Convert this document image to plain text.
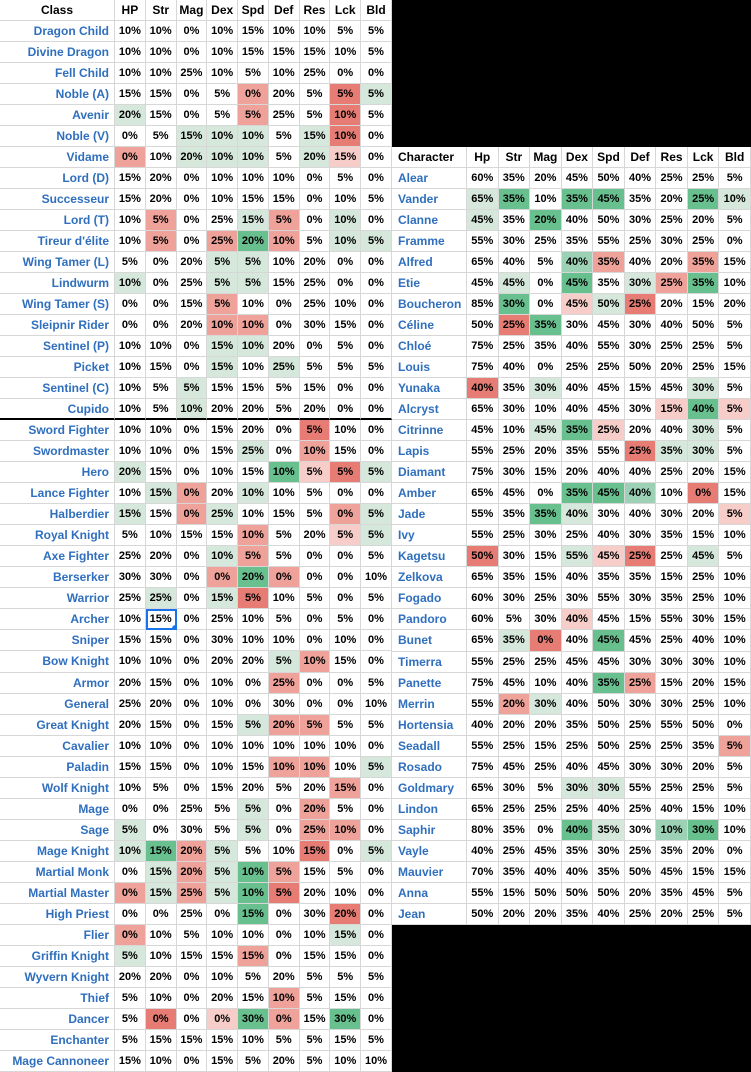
Class	HP	Str Mag Dex Spd Def Res Lck Bld
Dragon Child 10% 10%	0%	10% 15% 10% 10%	5%	5%
Divine Dragon 10% 10%	0%	10% 15% 15% 15% 10%	5%
Fell Child 10% 10% 25% 10%	5%	10% 25%	0%	0%
Noble (A) 15% 15%	0%	5%	0%	20%	5%	5%	5%
Avenir 20% 15%	0%	5%	5%	25%	5%	10%	5%
Noble (V)	0%	5%	15% 10% 10%	5%	15% 10%	0%
Vidame	0%	10% 20% 10% 10%	5%	20% 15%	0%
Lord (D) 15% 20%	0%	10% 10% 10%	0%	5%	0%
Successeur 15% 20%	0%	10% 15% 15%	0%	10%	5%
Lord (T) 10%	5%	0%	25% 15%	5%	0%	10%	0%
Tireur d'élite 10%	5%	0%	25% 20% 10%	5%	10%	5%
Wing Tamer (L)	5%	0%	20%	5%	5%	10% 20%	0%	0%
Lindwurm 10%	0%	25%	5%	5%	15% 25%	0%	0%
Wing Tamer (S)	0%	0%	15%	5%	10%	0%	25% 10%	0%
Sleipnir Rider	0%	0%	20% 10% 10%	0%	30% 15%	0%
Sentinel (P) 10% 10%	0%	15% 10% 20%	0%	5%	0%
Picket 10% 15%	0%	15% 10% 25%	5%	5%	5%
Sentinel (C) 10%	5%	5%	15% 15%	5%	15%	0%	0%
Cupido 10%	5%	10% 20% 20%	5%	20%	0%	0%
Sword Fighter 10% 10%	0%	15% 20%	0%	5%	10%	0%
Swordmaster 10% 10%	0%	15% 25%	0%	10% 15%	0%
Hero 20% 15%	0%	10% 15% 10%	5%	5%	5%
Lance Fighter 10% 15%	0%	20% 10% 10%	5%	0%	0%
Halberdier 15% 15%	0%	25% 10% 15%	5%	0%	5%
Royal Knight	5%	10% 15% 15% 10%	5%	20%	5%	5%
Axe Fighter 25% 20%	0%	10%	5%	5%	0%	0%	5%
Berserker 30% 30%	0%	0%	20%	0%	0%	0%	10%
Warrior 25% 25%	0%	15%	5%	10%	5%	0%	5%
Archer 10% 15%	0%	25% 10%	5%	0%	5%	0%
Sniper 15% 15%	0%	30% 10% 10%	0%	10%	0%
Bow Knight 10% 10%	0%	20% 20%	5%	10% 15%	0%
Armor 20% 15%	0%	10%	0%	25%	0%	0%	5%
General 25% 20%	0%	10%	0%	30%	0%	0%	10%
Great Knight 20% 15%	0%	15%	5%	20%	5%	5%	5%
Cavalier 10% 10%	0%	10% 10% 10% 10% 10%	0%
Paladin 15% 15%	0%	10% 15% 10% 10% 10%	5%
Wolf Knight 10%	5%	0%	15% 20%	5%	20% 15%	0%
Mage	0%	0%	25%	5%	5%	0%	20%	5%	0%
Sage	5%	0%	30%	5%	5%	0%	25% 10%	0%
Mage Knight 10% 15% 20%	5%	5%	10% 15%	0%	5%
Martial Monk	0%	15% 20%	5%	10%	5%	15%	5%	0%
Martial Master	0%	15% 25%	5%	10%	5%	20% 10%	0%
High Priest	0%	0%	25%	0%	15%	0%	30% 20%	0%
Flier	0%	10%	5%	10% 10%	0%	10% 15%	0%
Griffin Knight	5%	10% 15% 15% 15%	0%	15% 15%	0%
Wyvern Knight 20% 20%	0%	10%	5%	20%	5%	5%	5%
Thief	5%	10%	0%	20% 15% 10%	5%	15%	0%
Dancer	5%	0%	0%	0%	30%	0%	15% 30%	0%
Enchanter	5%	15% 15% 15% 10%	5%	5%	15%	5%
Mage Cannoneer 15% 10%	0%	15%	5%	20%	5%	10% 10%
Character	Hp	Str Mag Dex Spd Def Res Lck Bld
Alear	60% 35% 20% 45% 50% 40% 25% 25%	5%
Vander	65% 35% 10% 35% 45% 35% 20% 25% 10%
Clanne	45% 35% 20% 40% 50% 30% 25% 20%	5%
Framme	55% 30% 25% 35% 55% 25% 30% 25%	0%
Alfred	65% 40%	5%	40% 35% 40% 20% 35% 15%
Etie	45% 45%	0%	45% 35% 30% 25% 35% 10%
Boucheron 85% 30%	0%	45% 50% 25% 20% 15% 20%
Céline	50% 25% 35% 30% 45% 30% 40% 50%	5%
Chloé	75% 25% 35% 40% 55% 30% 25% 25%	5%
Louis	75% 40%	0%	25% 25% 50% 20% 25% 15%
Yunaka	40% 35% 30% 40% 45% 15% 45% 30%	5%
Alcryst	65% 30% 10% 40% 45% 30% 15% 40%	5%
Citrinne	45% 10% 45% 35% 25% 20% 40% 30%	5%
Lapis	55% 25% 20% 35% 55% 25% 35% 30%	5%
Diamant	75% 30% 15% 20% 40% 40% 25% 20% 15%
Amber	65% 45%	0%	35% 45% 40% 10%	0%	15%
Jade	55% 35% 35% 40% 30% 40% 30% 20%	5%
Ivy	55% 25% 30% 25% 40% 30% 35% 15% 10%
Kagetsu	50% 30% 15% 55% 45% 25% 25% 45%	5%
Zelkova	65% 35% 15% 40% 35% 35% 15% 25% 10%
Fogado	60% 30% 25% 30% 55% 30% 35% 25% 10%
Pandoro	60%	5%	30% 40% 45% 15% 55% 30% 15%
Bunet	65% 35%	0%	40% 45% 45% 25% 40% 10%
Timerra	55% 25% 25% 45% 45% 30% 30% 30% 10%
Panette	75% 45% 10% 40% 35% 25% 15% 20% 15%
Merrin	55% 20% 30% 40% 50% 30% 30% 25% 10%
Hortensia	40% 20% 20% 35% 50% 25% 55% 50%	0%
Seadall	55% 25% 15% 25% 50% 25% 25% 35%	5%
Rosado	75% 45% 25% 40% 45% 30% 30% 20%	5%
Goldmary	65% 30%	5%	30% 30% 55% 25% 25%	5%
Lindon	65% 25% 25% 25% 40% 25% 40% 15% 10%
Saphir	80% 35%	0%	40% 35% 30% 10% 30% 10%
Vayle	40% 25% 45% 35% 30% 25% 35% 20%	0%
Mauvier	70% 35% 40% 40% 35% 50% 45% 15% 15%
Anna	55% 15% 50% 50% 50% 20% 35% 45%	5%
Jean	50% 20% 20% 35% 40% 25% 20% 25%	5%
